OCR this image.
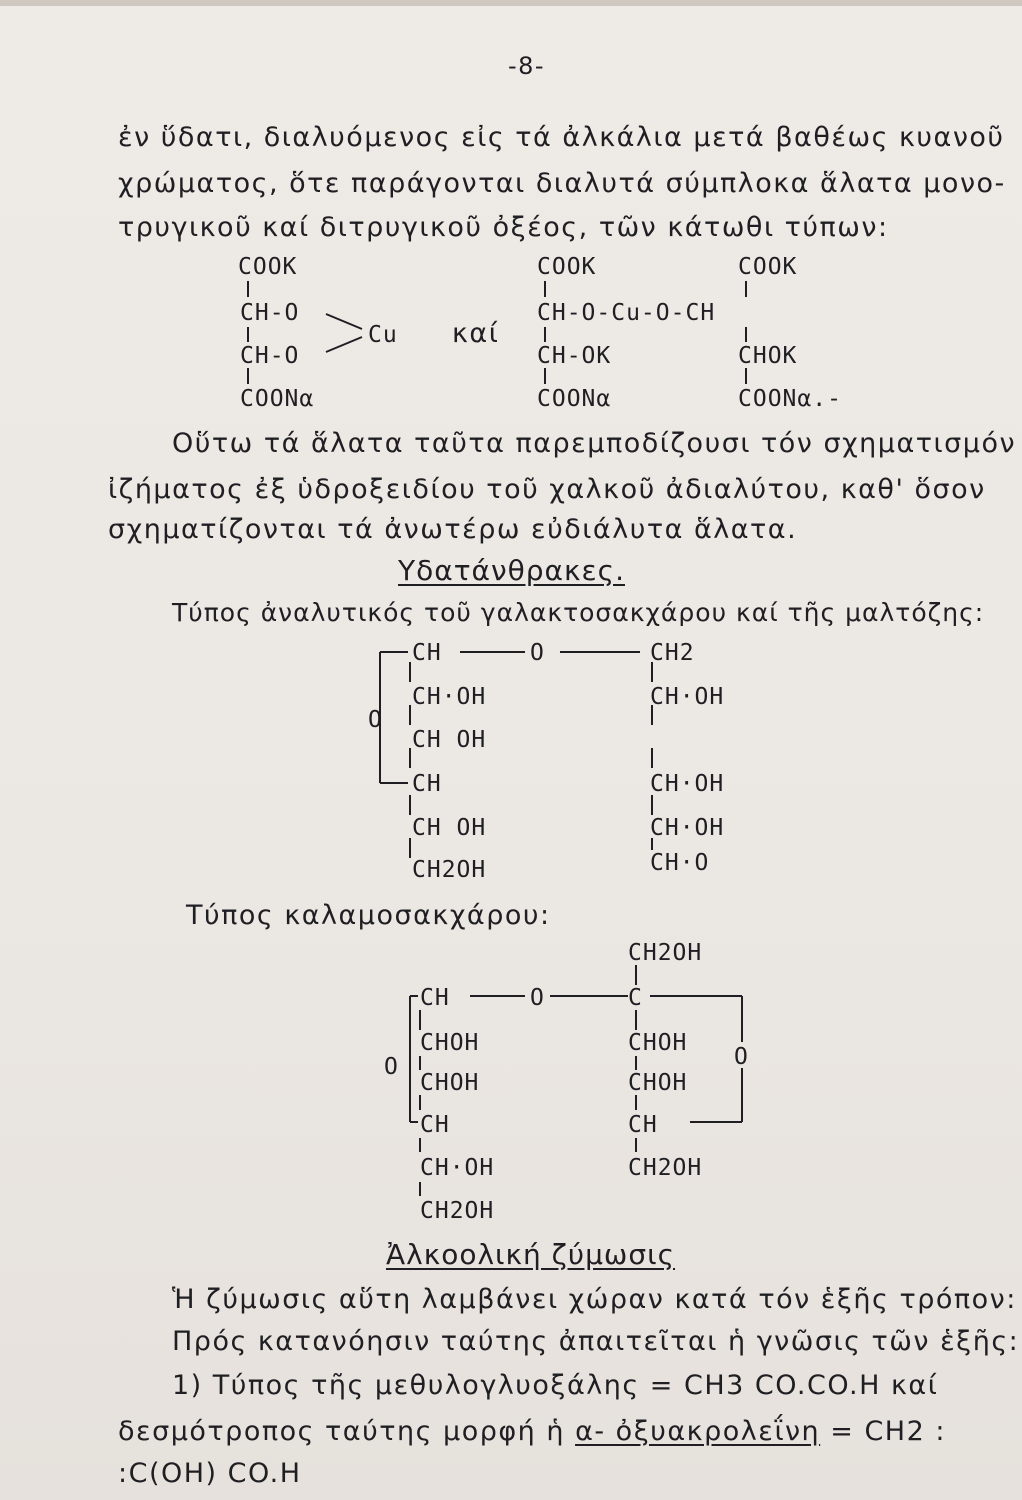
-8-
ἐν ὕδατι, διαλυόμενος εἰς τά ἀλκάλια μετά βαθέως κυανοῦ
χρώματος, ὅτε παράγονται διαλυτά σύμπλοκα ἅλατα μονο-
τρυγικοῦ καί διτρυγικοῦ ὀξέος, τῶν κάτωθι τύπων:
COOK
CH-O
CH-O
COONα
Cu καί
COOK
CH-O-Cu-O-CH
CH-OK
COONα
COOK
CHOK
COONα.-
Οὕτω τά ἅλατα ταῦτα παρεμποδίζουσι τόν σχηματισμόν
ἰζήματος ἐξ ὑδροξειδίου τοῦ χαλκοῦ ἀδιαλύτου, καθ' ὅσον
σχηματίζονται τά ἀνωτέρω εὐδιάλυτα ἅλατα.
Υδατάνθρακες.
Τύπος ἀναλυτικός τοῦ γαλακτοσακχάρου καί τῆς μαλτόζης:
CH
CH·OH
CH OH
CH
CH OH
CH2OH
O
O	CH2
CH·OH
CH·OH
CH·OH
CH·O
Τύπος καλαμοσακχάρου:
CH2OH
CH	O	C
CHOH	CHOH
O	O
CHOH	CHOH
CH	CH
CH·OH	CH2OH
CH2OH
Ἀλκοολική ζύμωσις
Ἡ ζύμωσις αὕτη λαμβάνει χώραν κατά τόν ἑξῆς τρόπον:
Πρός κατανόησιν ταύτης ἀπαιτεῖται ἡ γνῶσις τῶν ἑξῆς:
1) Τύπος τῆς μεθυλογλυοξάλης = CH3 CO.CO.H καί
δεσμότροπος ταύτης μορφή ἡ α- ὀξυακρολεΐνη = CH2 :
:C(OH) CO.H
